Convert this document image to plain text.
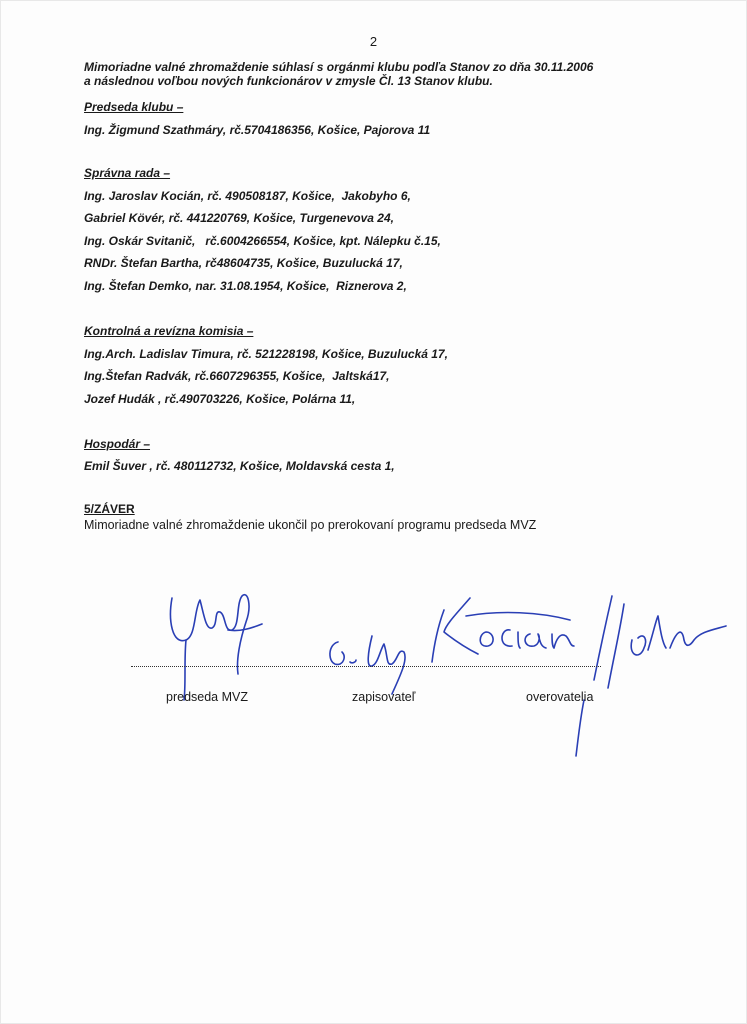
2
Mimoriadne valné zhromaždenie súhlasí s orgánmi klubu podľa Stanov zo dňa 30.11.2006
a následnou voľbou nových funkcionárov v zmysle Čl. 13 Stanov klubu.
Predseda klubu –
Ing. Žigmund Szathmáry, rč.5704186356, Košice, Pajorova 11
Správna rada –
Ing. Jaroslav Kocián, rč. 490508187, Košice,  Jakobyho 6,
Gabriel Kövér, rč. 441220769, Košice, Turgenevova 24,
Ing. Oskár Svitanič,   rč.6004266554, Košice, kpt. Nálepku č.15,
RNDr. Štefan Bartha, rč48604735, Košice, Buzulucká 17,
Ing. Štefan Demko, nar. 31.08.1954, Košice,  Riznerova 2,
Kontrolná a revízna komisia –
Ing.Arch. Ladislav Timura, rč. 521228198, Košice, Buzulucká 17,
Ing.Štefan Radvák, rč.6607296355, Košice,  Jaltská17,
Jozef Hudák , rč.490703226, Košice, Polárna 11,
Hospodár –
Emil Šuver , rč. 480112732, Košice, Moldavská cesta 1,
5/ZÁVER
Mimoriadne valné zhromaždenie ukončil po prerokovaní programu predseda MVZ
predseda MVZ	zapisovateľ	overovatelia
